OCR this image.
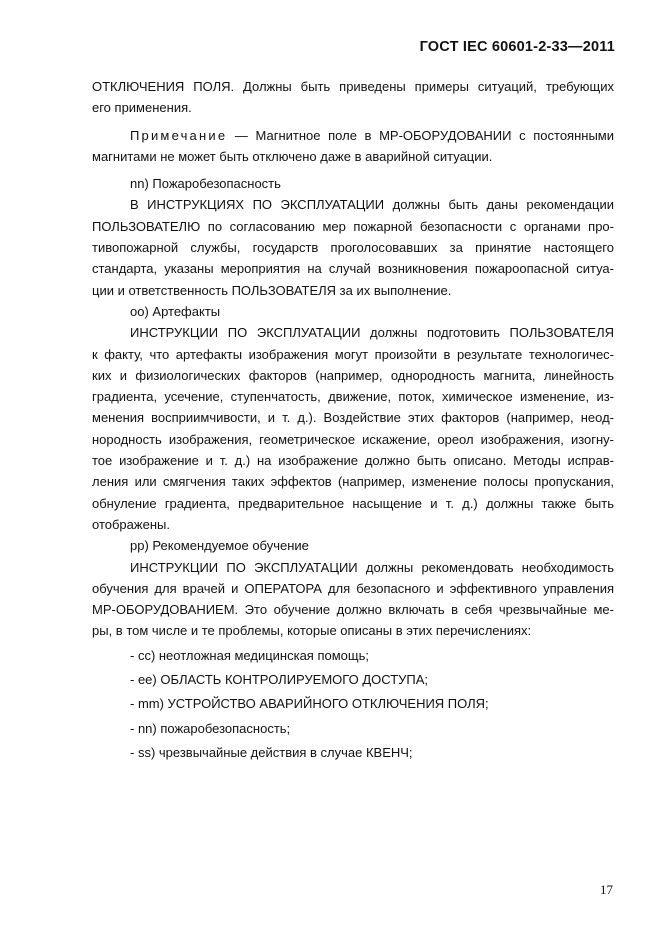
ГОСТ IEC 60601-2-33—2011

ОТКЛЮЧЕНИЯ ПОЛЯ. Должны быть приведены примеры ситуаций, требующих
его применения.

Примечание — Магнитное поле в МР-ОБОРУДОВАНИИ с постоянными
магнитами не может быть отключено даже в аварийной ситуации.

nn) Пожаробезопасность

В ИНСТРУКЦИЯХ ПО ЭКСПЛУАТАЦИИ должны быть даны рекомендации
ПОЛЬЗОВАТЕЛЮ по согласованию мер пожарной безопасности с органами про-
тивопожарной службы, государств проголосовавших за принятие настоящего
стандарта, указаны мероприятия на случай возникновения пожароопасной ситуа-
ции и ответственность ПОЛЬЗОВАТЕЛЯ за их выполнение.

oo) Артефакты

ИНСТРУКЦИИ ПО ЭКСПЛУАТАЦИИ должны подготовить ПОЛЬЗОВАТЕЛЯ
к факту, что артефакты изображения могут произойти в результате технологичес-
ких и физиологических факторов (например, однородность магнита, линейность
градиента, усечение, ступенчатость, движение, поток, химическое изменение, из-
менения восприимчивости, и т. д.). Воздействие этих факторов (например, неод-
нородность изображения, геометрическое искажение, ореол изображения, изогну-
тое изображение и т. д.) на изображение должно быть описано. Методы исправ-
ления или смягчения таких эффектов (например, изменение полосы пропускания,
обнуление градиента, предварительное насыщение и т. д.) должны также быть
отображены.

pp) Рекомендуемое обучение

ИНСТРУКЦИИ ПО ЭКСПЛУАТАЦИИ должны рекомендовать необходимость
обучения для врачей и ОПЕРАТОРА для безопасного и эффективного управления
МР-ОБОРУДОВАНИЕМ. Это обучение должно включать в себя чрезвычайные ме-
ры, в том числе и те проблемы, которые описаны в этих перечислениях:

- cc) неотложная медицинская помощь;

- ee) ОБЛАСТЬ КОНТРОЛИРУЕМОГО ДОСТУПА;

- mm) УСТРОЙСТВО АВАРИЙНОГО ОТКЛЮЧЕНИЯ ПОЛЯ;

- nn) пожаробезопасность;

- ss) чрезвычайные действия в случае КВЕНЧ;

17
